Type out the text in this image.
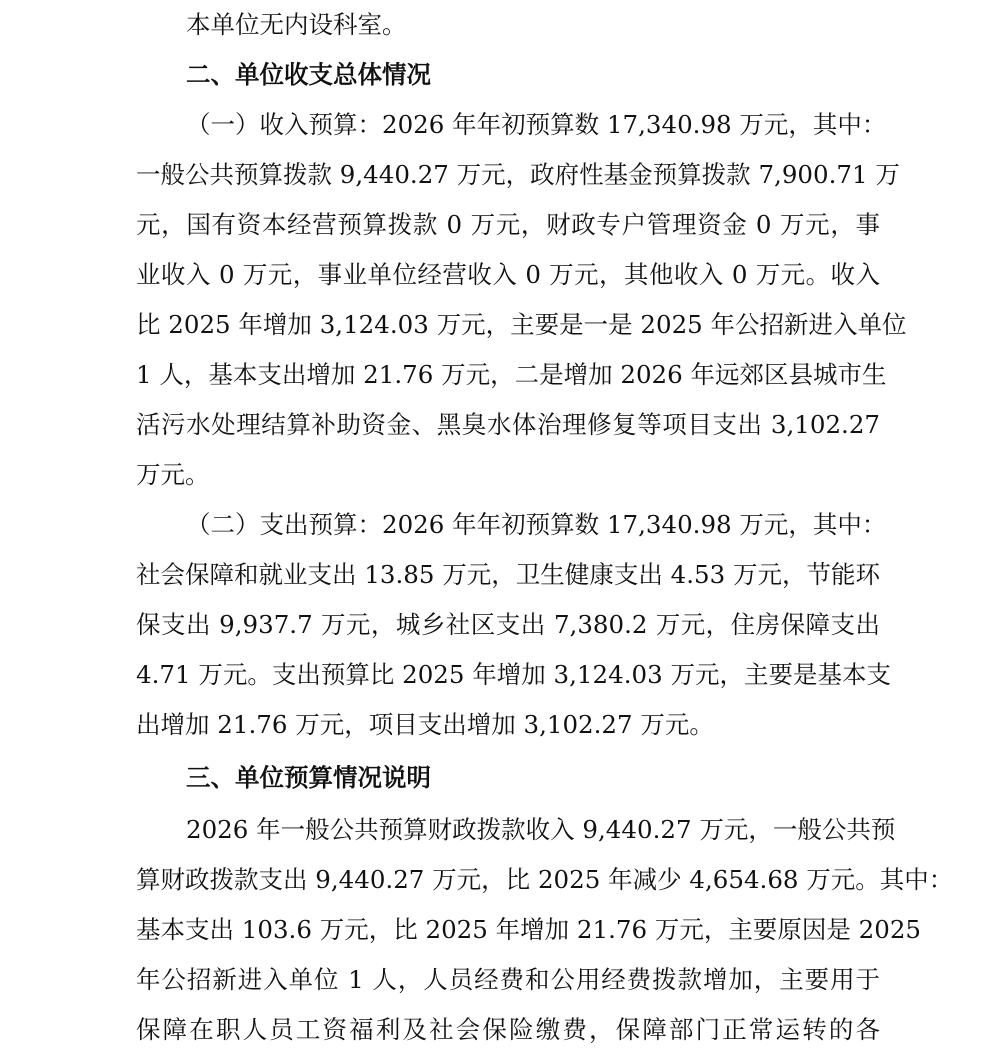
本单位无内设科室。
二、单位收支总体情况
（一）收入预算：2026 年年初预算数 17,340.98 万元，其中：
一般公共预算拨款 9,440.27 万元，政府性基金预算拨款 7,900.71 万
元，国有资本经营预算拨款 0 万元，财政专户管理资金 0 万元，事
业收入 0 万元，事业单位经营收入 0 万元，其他收入 0 万元。收入
比 2025 年增加 3,124.03 万元，主要是一是 2025 年公招新进入单位
1 人，基本支出增加 21.76 万元，二是增加 2026 年远郊区县城市生
活污水处理结算补助资金、黑臭水体治理修复等项目支出 3,102.27
万元。
（二）支出预算：2026 年年初预算数 17,340.98 万元，其中：
社会保障和就业支出 13.85 万元，卫生健康支出 4.53 万元，节能环
保支出 9,937.7 万元，城乡社区支出 7,380.2 万元，住房保障支出
4.71 万元。支出预算比 2025 年增加 3,124.03 万元，主要是基本支
出增加 21.76 万元，项目支出增加 3,102.27 万元。
三、单位预算情况说明
2026 年一般公共预算财政拨款收入 9,440.27 万元，一般公共预
算财政拨款支出 9,440.27 万元，比 2025 年减少 4,654.68 万元。其中：
基本支出 103.6 万元，比 2025 年增加 21.76 万元，主要原因是 2025
年公招新进入单位 1 人，人员经费和公用经费拨款增加，主要用于
保障在职人员工资福利及社会保险缴费，保障部门正常运转的各
